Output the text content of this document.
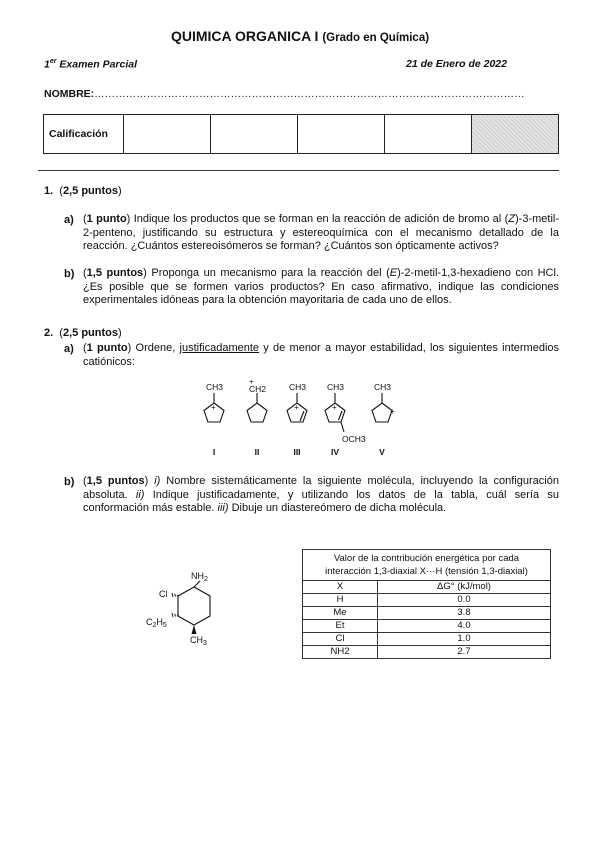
QUIMICA ORGANICA I (Grado en Química)
1er Examen Parcial	21 de Enero de 2022
NOMBRE:……………………………………………………………………………………………………………
Calificación					
1.  (2,5 puntos)
a) (1 punto) Indique los productos que se forman en la reacción de adición de bromo al (Z)-3-metil-2-penteno, justificando su estructura y estereoquímica con el mecanismo detallado de la reacción. ¿Cuántos estereoisómeros se forman? ¿Cuántos son ópticamente activos?
b) (1,5 puntos) Proponga un mecanismo para la reacción del (E)-2-metil-1,3-hexadieno con HCl. ¿Es posible que se formen varios productos? En caso afirmativo, indique las condiciones experimentales idóneas para la obtención mayoritaria de cada uno de ellos.
2.  (2,5 puntos)
a) (1 punto) Ordene, justificadamente y de menor a mayor estabilidad, los siguientes intermedios catiónicos:
CH3
+
+
CH2	CH3
+
CH3
+
OCH3
CH3
+
I	II	III	IV	V
b) (1,5 puntos) i) Nombre sistemáticamente la siguiente molécula, incluyendo la configuración absoluta. ii) Indique justificadamente, y utilizando los datos de la tabla, cuál sería su conformación más estable. iii) Dibuje un diastereómero de dicha molécula.
$NH_2$
Cl
$C_2H_5$
$CH_3$
Valor de la contribución energética por cada
interacción 1,3-diaxial X···H (tensión 1,3-diaxial)	
X	ΔG° (kJ/mol)
H	0.0
Me	3.8
Et	4.0
Cl	1.0
NH2	2.7
